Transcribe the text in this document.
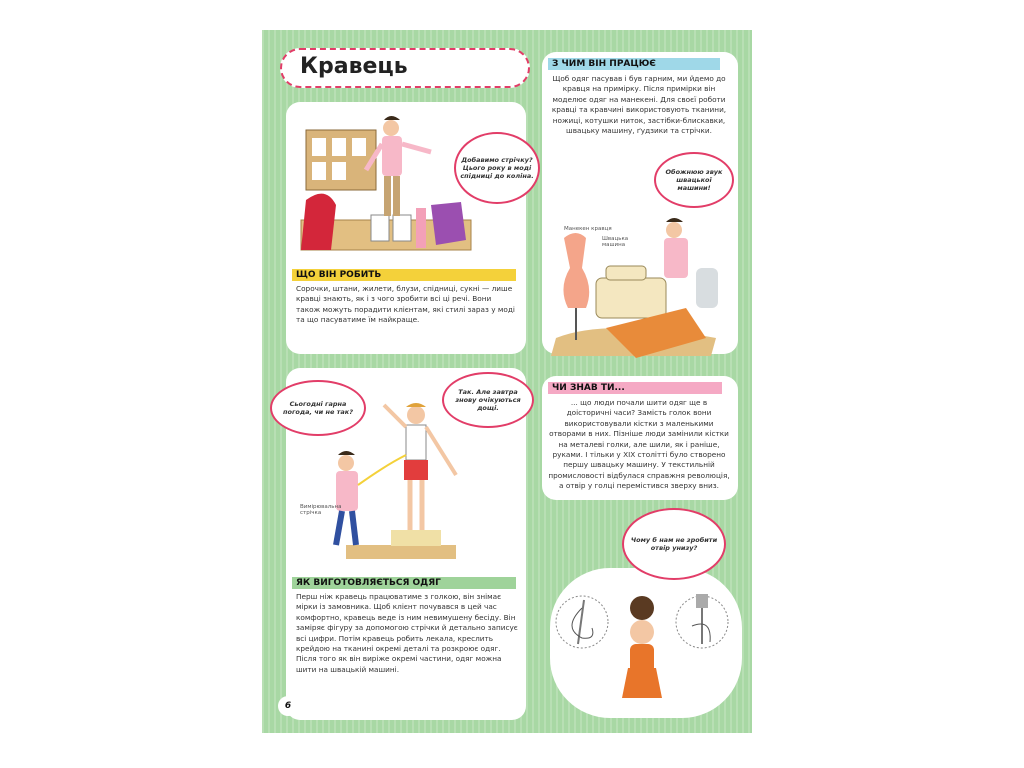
Кравець
Добавимо стрічку? Цього року в моді спідниці до коліна.
ЩО ВІН РОБИТЬ
Сорочки, штани, жилети, блузи, спідниці, сукні — лише кравці знають, як і з чого зробити всі ці речі. Вони також можуть порадити клієнтам, які стилі зараз у моді та що пасуватиме їм найкраще.
З ЧИМ ВІН ПРАЦЮЄ
Щоб одяг пасував і був гарним, ми йдемо до кравця на примірку. Після примірки він моделює одяг на манекені. Для своєї роботи кравці та кравчині використовують тканини, ножиці, котушки ниток, застібки-блискавки, швацьку машину, ґудзики та стрічки.
Обожнюю звук швацької машини!
Манекен кравця
Швацька машина
Сьогодні гарна погода, чи не так?
Так. Але завтра знову очікуються дощі.
Вимірювальна стрічка
ЯК ВИГОТОВЛЯЄТЬСЯ ОДЯГ
Перш ніж кравець працюватиме з голкою, він знімає мірки із замовника. Щоб клієнт почувався в цей час комфортно, кравець веде із ним невимушену бесіду. Він заміряє фігуру за допомогою стрічки й детально записує всі цифри. Потім кравець робить лекала, креслить крейдою на тканині окремі деталі та розкроює одяг. Після того як він виріже окремі частини, одяг можна шити на швацькій машині.
ЧИ ЗНАВ ТИ...
... що люди почали шити одяг ще в доісторичні часи? Замість голок вони використовували кістки з маленькими отворами в них. Пізніше люди замінили кістки на металеві голки, але шили, як і раніше, руками. І тільки у XIX столітті було створено першу швацьку машину. У текстильній промисловості відбулася справжня революція, а отвір у голці перемістився зверху вниз.
Чому б нам не зробити отвір унизу?
6
